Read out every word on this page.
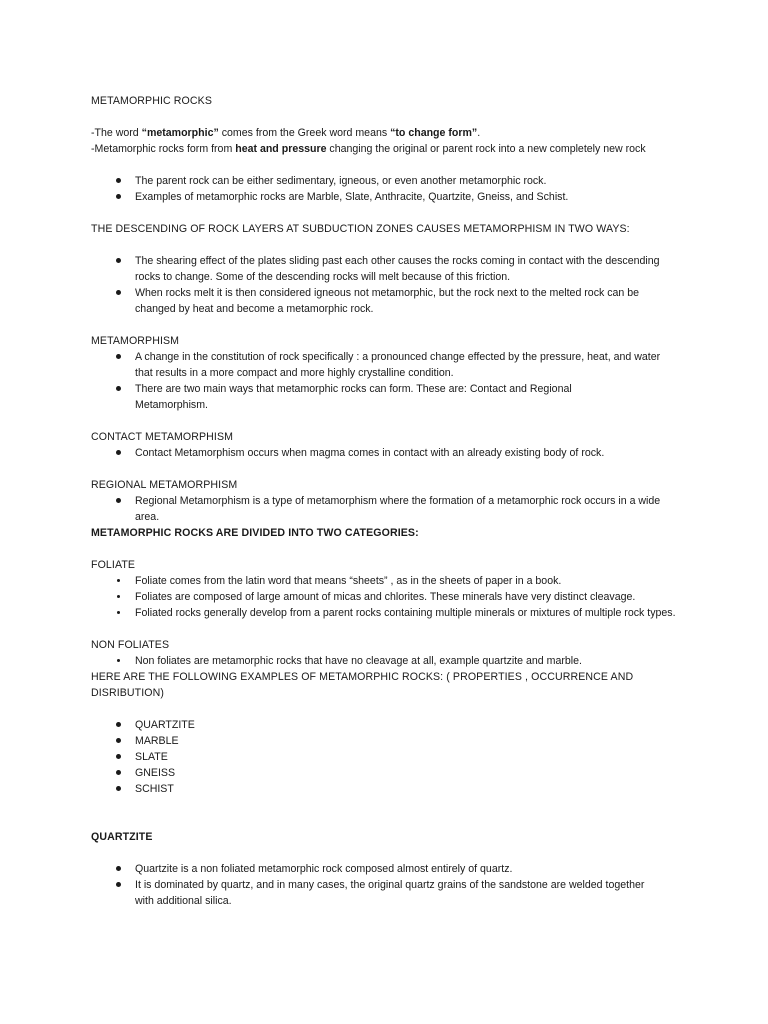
METAMORPHIC ROCKS

-The word “metamorphic” comes from the Greek word means “to change form”.

-Metamorphic rocks form from heat and pressure changing the original or parent rock into a new completely new rock

The parent rock can be either sedimentary, igneous, or even another metamorphic rock.
Examples of metamorphic rocks are Marble, Slate, Anthracite, Quartzite, Gneiss, and Schist.

THE DESCENDING OF ROCK LAYERS AT SUBDUCTION ZONES CAUSES METAMORPHISM IN TWO WAYS:

The shearing effect of the plates sliding past each other causes the rocks coming in contact with the descending rocks to change. Some of the descending rocks will melt because of this friction.
When rocks melt it is then considered igneous not metamorphic, but the rock next to the melted rock can be changed by heat and become a metamorphic rock.

METAMORPHISM

A change in the constitution of rock specifically : a pronounced change effected by the pressure, heat, and water that results in a more compact and more highly crystalline condition.
There are two main ways that metamorphic rocks can form. These are: Contact and Regional Metamorphism.

CONTACT METAMORPHISM

Contact Metamorphism occurs when magma comes in contact with an already existing body of rock.

REGIONAL METAMORPHISM

Regional Metamorphism is a type of metamorphism where the formation of a metamorphic rock occurs in a wide area.

METAMORPHIC ROCKS ARE DIVIDED INTO TWO CATEGORIES:

FOLIATE

Foliate comes from the latin word that means “sheets” , as in the sheets of paper in a book.
Foliates are composed of large amount of micas and chlorites. These minerals have very distinct cleavage.
Foliated rocks generally develop from a parent rocks containing multiple minerals or mixtures of multiple rock types.

NON FOLIATES

Non foliates are metamorphic rocks that have no cleavage at all, example quartzite and marble.

HERE ARE THE FOLLOWING EXAMPLES OF METAMORPHIC ROCKS: ( PROPERTIES , OCCURRENCE AND DISRIBUTION)

QUARTZITE
MARBLE
SLATE
GNEISS
SCHIST

QUARTZITE

Quartzite is a non foliated metamorphic rock composed almost entirely of quartz.
It is dominated by quartz, and in many cases, the original quartz grains of the sandstone are welded together with additional silica.
